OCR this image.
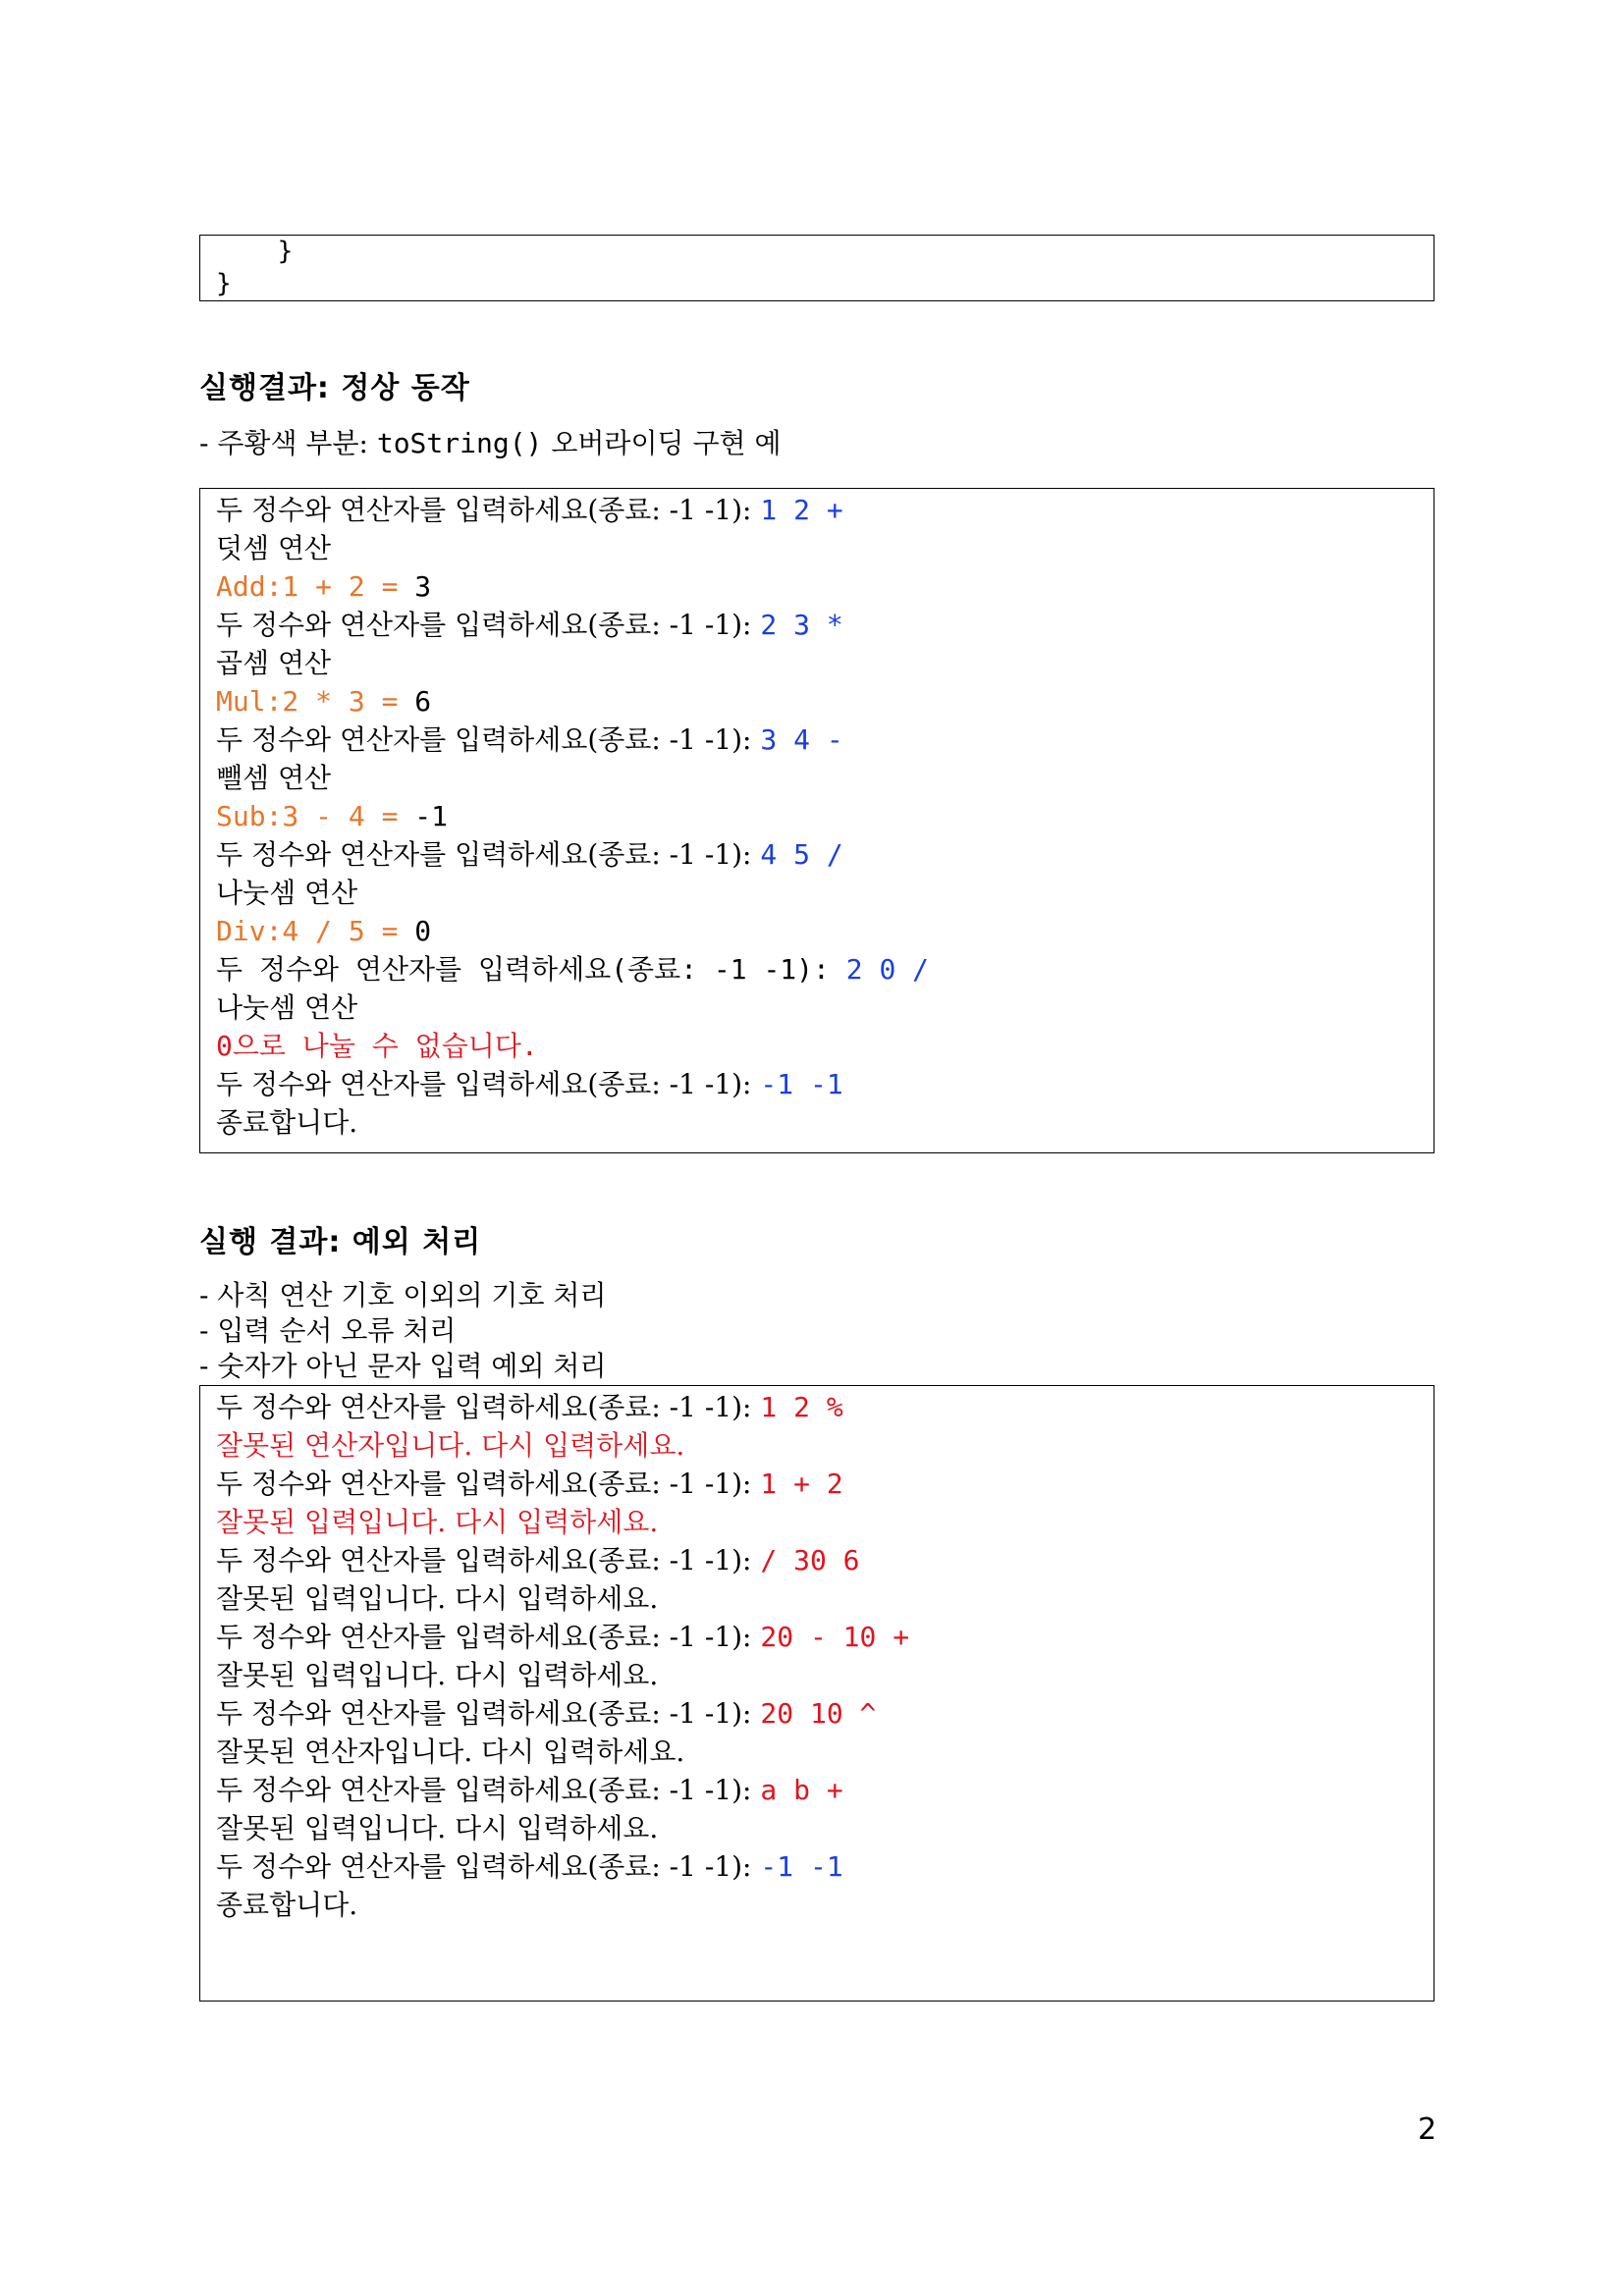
}
}
실행결과: 정상 동작
- 주황색 부분: toString() 오버라이딩 구현 예
두 정수와 연산자를 입력하세요(종료: -1 -1): 1 2 +
덧셈 연산
Add:1 + 2 = 3
두 정수와 연산자를 입력하세요(종료: -1 -1): 2 3 *
곱셈 연산
Mul:2 * 3 = 6
두 정수와 연산자를 입력하세요(종료: -1 -1): 3 4 -
뺄셈 연산
Sub:3 - 4 = -1
두 정수와 연산자를 입력하세요(종료: -1 -1): 4 5 /
나눗셈 연산
Div:4 / 5 = 0
두 정수와 연산자를 입력하세요(종료: -1 -1): 2 0 /
나눗셈 연산
0으로 나눌 수 없습니다.
두 정수와 연산자를 입력하세요(종료: -1 -1): -1 -1
종료합니다.
실행 결과: 예외 처리
- 사칙 연산 기호 이외의 기호 처리
- 입력 순서 오류 처리
- 숫자가 아닌 문자 입력 예외 처리
두 정수와 연산자를 입력하세요(종료: -1 -1): 1 2 %
잘못된 연산자입니다. 다시 입력하세요.
두 정수와 연산자를 입력하세요(종료: -1 -1): 1 + 2
잘못된 입력입니다. 다시 입력하세요.
두 정수와 연산자를 입력하세요(종료: -1 -1): / 30 6
잘못된 입력입니다. 다시 입력하세요.
두 정수와 연산자를 입력하세요(종료: -1 -1): 20 - 10 +
잘못된 입력입니다. 다시 입력하세요.
두 정수와 연산자를 입력하세요(종료: -1 -1): 20 10 ^
잘못된 연산자입니다. 다시 입력하세요.
두 정수와 연산자를 입력하세요(종료: -1 -1): a b +
잘못된 입력입니다. 다시 입력하세요.
두 정수와 연산자를 입력하세요(종료: -1 -1): -1 -1
종료합니다.
2
